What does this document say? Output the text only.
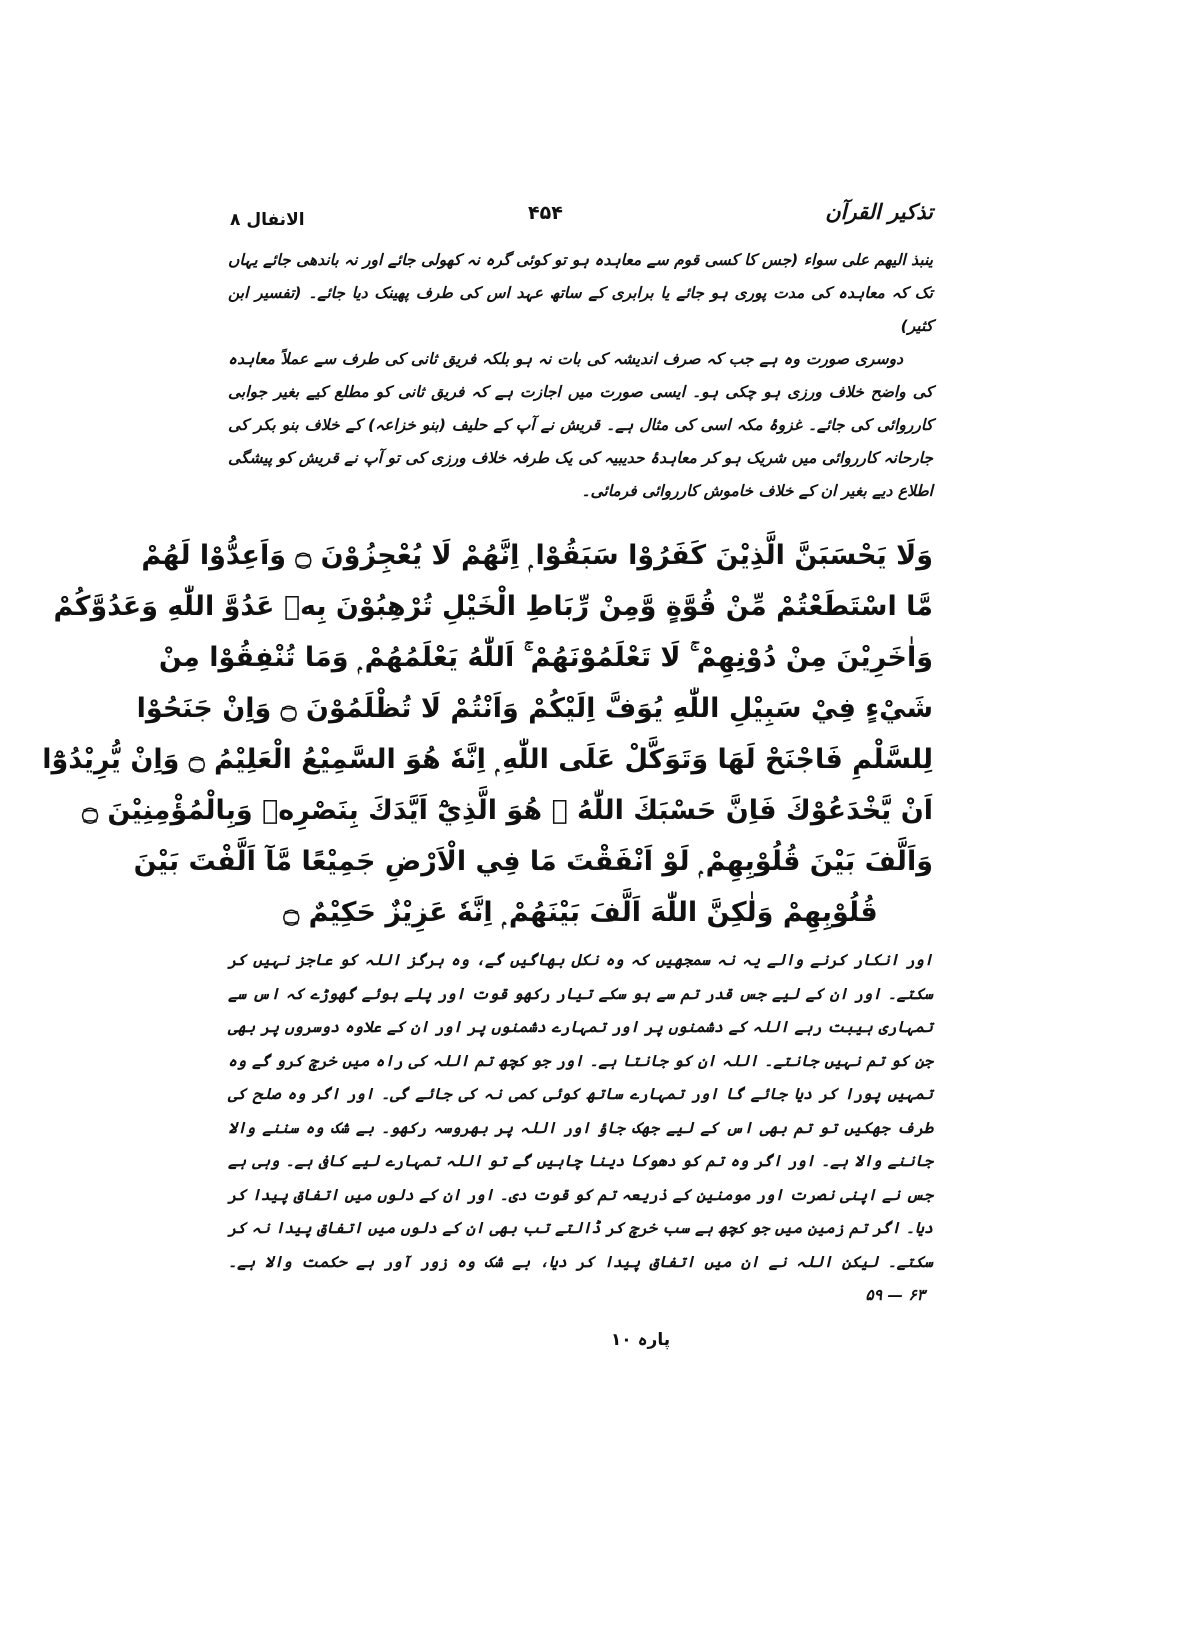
تذکیر القرآن
۴۵۴
الانفال ۸

ینبذ الیھم علی سواء (جس کا کسی قوم سے معاہدہ ہو تو کوئی گرہ نہ کھولی جائے اور نہ باندھی جائے یہاں تک کہ معاہدہ کی مدت پوری ہو جائے یا برابری کے ساتھ عہد اس کی طرف پھینک دیا جائے۔ (تفسیر ابن کثیر)

دوسری صورت وہ ہے جب کہ صرف اندیشہ کی بات نہ ہو بلکہ فریق ثانی کی طرف سے عملاً معاہدہ کی واضح خلاف ورزی ہو چکی ہو۔ ایسی صورت میں اجازت ہے کہ فریق ثانی کو مطلع کیے بغیر جوابی کارروائی کی جائے۔ غزوۂ مکہ اسی کی مثال ہے۔ قریش نے آپ کے حلیف (بنو خزاعہ) کے خلاف بنو بکر کی جارحانہ کارروائی میں شریک ہو کر معاہدۂ حدیبیہ کی یک طرفہ خلاف ورزی کی تو آپ نے قریش کو پیشگی اطلاع دیے بغیر ان کے خلاف خاموش کارروائی فرمائی۔

وَلَا يَحْسَبَنَّ الَّذِيْنَ كَفَرُوْا سَبَقُوْا ۭ اِنَّهُمْ لَا يُعْجِزُوْنَ ۝ وَاَعِدُّوْا لَهُمْ
مَّا اسْتَطَعْتُمْ مِّنْ قُوَّةٍ وَّمِنْ رِّبَاطِ الْخَيْلِ تُرْهِبُوْنَ بِهٖ عَدُوَّ اللّٰهِ وَعَدُوَّكُمْ
وَاٰخَرِيْنَ مِنْ دُوْنِهِمْ ۚ لَا تَعْلَمُوْنَهُمْ ۚ اَللّٰهُ يَعْلَمُهُمْ ۭ وَمَا تُنْفِقُوْا مِنْ
شَيْءٍ فِيْ سَبِيْلِ اللّٰهِ يُوَفَّ اِلَيْكُمْ وَاَنْتُمْ لَا تُظْلَمُوْنَ ۝ وَاِنْ جَنَحُوْا
لِلسَّلْمِ فَاجْنَحْ لَهَا وَتَوَكَّلْ عَلَى اللّٰهِ ۭ اِنَّهٗ هُوَ السَّمِيْعُ الْعَلِيْمُ ۝ وَاِنْ يُّرِيْدُوْٓا
اَنْ يَّخْدَعُوْكَ فَاِنَّ حَسْبَكَ اللّٰهُ ۭ هُوَ الَّذِيْٓ اَيَّدَكَ بِنَصْرِهٖ وَبِالْمُؤْمِنِيْنَ ۝
وَاَلَّفَ بَيْنَ قُلُوْبِهِمْ ۭ لَوْ اَنْفَقْتَ مَا فِي الْاَرْضِ جَمِيْعًا مَّآ اَلَّفْتَ بَيْنَ
قُلُوْبِهِمْ وَلٰكِنَّ اللّٰهَ اَلَّفَ بَيْنَهُمْ ۭ اِنَّهٗ عَزِيْزٌ حَكِيْمٌ ۝

اور انکار کرنے والے یہ نہ سمجھیں کہ وہ نکل بھاگیں گے، وہ ہرگز اللہ کو عاجز نہیں کر سکتے۔ اور ان کے لیے جس قدر تم سے ہو سکے تیار رکھو قوت اور پلے ہوئے گھوڑے کہ اس سے تمہاری ہیبت رہے اللہ کے دشمنوں پر اور تمہارے دشمنوں پر اور ان کے علاوہ دوسروں پر بھی جن کو تم نہیں جانتے۔ اللہ ان کو جانتا ہے۔ اور جو کچھ تم اللہ کی راہ میں خرچ کرو گے وہ تمہیں پورا کر دیا جائے گا اور تمہارے ساتھ کوئی کمی نہ کی جائے گی۔ اور اگر وہ صلح کی طرف جھکیں تو تم بھی اس کے لیے جھک جاؤ اور اللہ پر بھروسہ رکھو۔ بے شک وہ سننے والا جاننے والا ہے۔ اور اگر وہ تم کو دھوکا دینا چاہیں گے تو اللہ تمہارے لیے کافی ہے۔ وہی ہے جس نے اپنی نصرت اور مومنین کے ذریعہ تم کو قوت دی۔ اور ان کے دلوں میں اتفاق پیدا کر دیا۔ اگر تم زمین میں جو کچھ ہے سب خرچ کر ڈالتے تب بھی ان کے دلوں میں اتفاق پیدا نہ کر سکتے۔ لیکن اللہ نے ان میں اتفاق پیدا کر دیا، بے شک وہ زور آور ہے حکمت والا ہے۔ ۶۳ — ۵۹

پارہ ۱۰
